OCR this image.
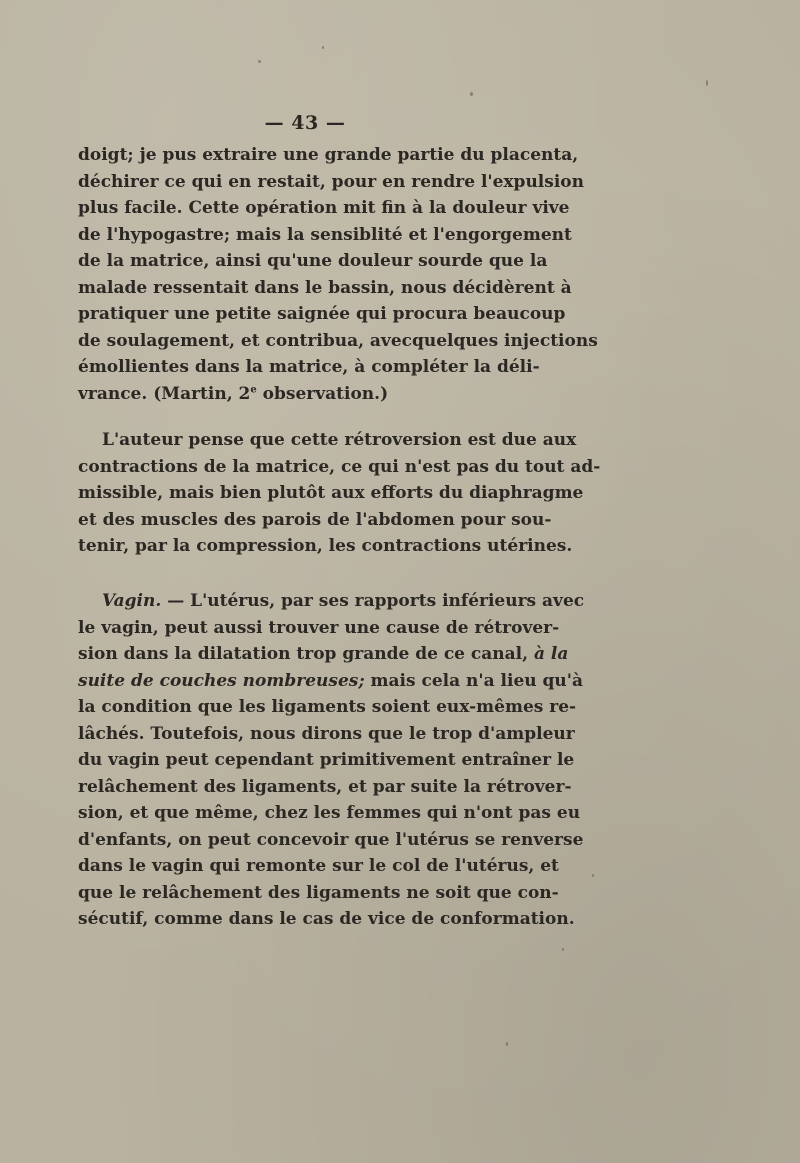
— 43 —
doigt; je pus extraire une grande partie du placenta,
déchirer ce qui en restait, pour en rendre l'expulsion
plus facile. Cette opération mit fin à la douleur vive
de l'hypogastre; mais la sensiblité et l'engorgement
de la matrice, ainsi qu'une douleur sourde que la
malade ressentait dans le bassin, nous décidèrent à
pratiquer une petite saignée qui procura beaucoup
de soulagement, et contribua, avecquelques injections
émollientes dans la matrice, à compléter la déli-
vrance. (Martin, 2e observation.)
L'auteur pense que cette rétroversion est due aux
contractions de la matrice, ce qui n'est pas du tout ad-
missible, mais bien plutôt aux efforts du diaphragme
et des muscles des parois de l'abdomen pour sou-
tenir, par la compression, les contractions utérines.
Vagin. — L'utérus, par ses rapports inférieurs avec
le vagin, peut aussi trouver une cause de rétrover-
sion dans la dilatation trop grande de ce canal, à la
suite de couches nombreuses; mais cela n'a lieu qu'à
la condition que les ligaments soient eux-mêmes re-
lâchés. Toutefois, nous dirons que le trop d'ampleur
du vagin peut cependant primitivement entraîner le
relâchement des ligaments, et par suite la rétrover-
sion, et que même, chez les femmes qui n'ont pas eu
d'enfants, on peut concevoir que l'utérus se renverse
dans le vagin qui remonte sur le col de l'utérus, et
que le relâchement des ligaments ne soit que con-
sécutif, comme dans le cas de vice de conformation.
